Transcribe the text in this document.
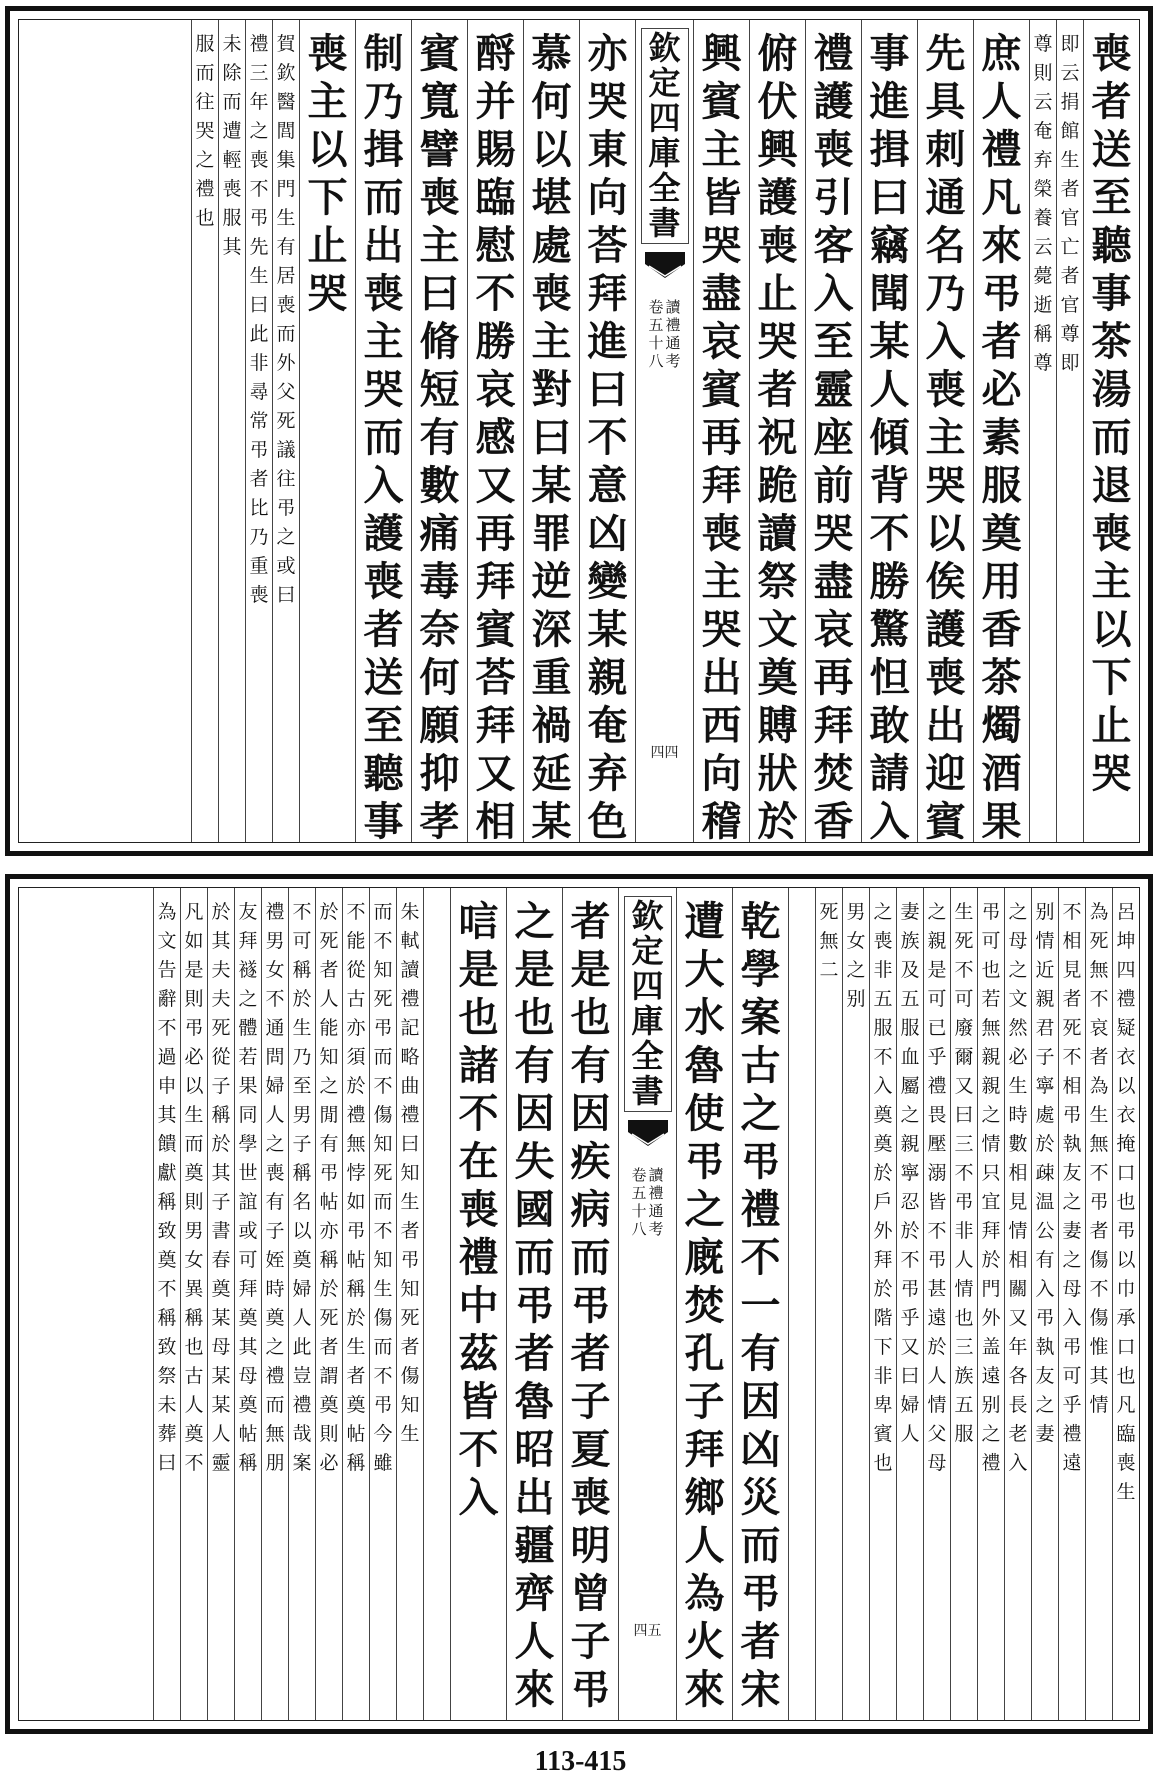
喪
者
送
至
聽
事
茶
湯
而
退
喪
主
以
下
止
哭
即
云
捐
館
生
者
官
亡
者
官
尊
即
尊
則
云
奄
弃
榮
養
云
薨
逝
稱
尊
庶
人
禮
凡
來
弔
者
必
素
服
奠
用
香
茶
燭
酒
果
先
具
刺
通
名
乃
入
喪
主
哭
以
俟
護
喪
出
迎
賓
事
進
揖
曰
竊
聞
某
人
傾
背
不
勝
驚
怛
敢
請
入
禮
護
喪
引
客
入
至
靈
座
前
哭
盡
哀
再
拜
焚
香
俯
伏
興
護
喪
止
哭
者
祝
跪
讀
祭
文
奠
賻
狀
於
興
賓
主
皆
哭
盡
哀
賓
再
拜
喪
主
哭
出
西
向
稽
欽
定
四
庫
全
書
讀
禮
通
考
卷
五
十
八
四四
亦
哭
東
向
荅
拜
進
曰
不
意
凶
變
某
親
奄
弃
色
慕
何
以
堪
處
喪
主
對
曰
某
罪
逆
深
重
禍
延
某
酹
并
賜
臨
慰
不
勝
哀
感
又
再
拜
賓
荅
拜
又
相
賓
寬
譬
喪
主
曰
脩
短
有
數
痛
毒
奈
何
願
抑
孝
制
乃
揖
而
出
喪
主
哭
而
入
護
喪
者
送
至
聽
事
喪
主
以
下
止
哭
賀
欽
醫
閭
集
門
生
有
居
喪
而
外
父
死
議
往
弔
之
或
曰
禮
三
年
之
喪
不
弔
先
生
曰
此
非
尋
常
弔
者
比
乃
重
喪
未
除
而
遭
輕
喪
服
其
服
而
往
哭
之
禮
也
呂
坤
四
禮
疑
衣
以
衣
掩
口
也
弔
以
巾
承
口
也
凡
臨
喪
生
為
死
無
不
哀
者
為
生
無
不
弔
者
傷
不
傷
惟
其
情
不
相
見
者
死
不
相
弔
執
友
之
妻
之
母
入
弔
可
乎
禮
遠
别
情
近
親
君
子
寧
處
於
疎
温
公
有
入
弔
執
友
之
妻
之
母
之
文
然
必
生
時
數
相
見
情
相
關
又
年
各
長
老
入
弔
可
也
若
無
親
親
之
情
只
宜
拜
於
門
外
盖
遠
别
之
禮
生
死
不
可
廢
爾
又
曰
三
不
弔
非
人
情
也
三
族
五
服
之
親
是
可
已
乎
禮
畏
壓
溺
皆
不
弔
甚
遠
於
人
情
父
母
妻
族
及
五
服
血
屬
之
親
寧
忍
於
不
弔
乎
又
曰
婦
人
之
喪
非
五
服
不
入
奠
奠
於
戶
外
拜
於
階
下
非
卑
賓
也
男
女
之
别
死
無
二
乾
學
案
古
之
弔
禮
不
一
有
因
凶
災
而
弔
者
宋
遭
大
水
魯
使
弔
之
廐
焚
孔
子
拜
鄉
人
為
火
來
欽
定
四
庫
全
書
讀
禮
通
考
卷
五
十
八
四五
者
是
也
有
因
疾
病
而
弔
者
子
夏
喪
明
曾
子
弔
之
是
也
有
因
失
國
而
弔
者
魯
昭
出
疆
齊
人
來
唁
是
也
諸
不
在
喪
禮
中
茲
皆
不
入
朱
軾
讀
禮
記
略
曲
禮
曰
知
生
者
弔
知
死
者
傷
知
生
而
不
知
死
弔
而
不
傷
知
死
而
不
知
生
傷
而
不
弔
今
雖
不
能
從
古
亦
須
於
禮
無
悖
如
弔
帖
稱
於
生
者
奠
帖
稱
於
死
者
人
能
知
之
閒
有
弔
帖
亦
稱
於
死
者
謂
奠
則
必
不
可
稱
於
生
乃
至
男
子
稱
名
以
奠
婦
人
此
豈
禮
哉
案
禮
男
女
不
通
問
婦
人
之
喪
有
子
姪
時
奠
之
禮
而
無
朋
友
拜
襚
之
體
若
果
同
學
世
誼
或
可
拜
奠
其
母
奠
帖
稱
於
其
夫
夫
死
從
子
稱
於
其
子
書
春
奠
某
母
某
某
人
靈
凡
如
是
則
弔
必
以
生
而
奠
則
男
女
異
稱
也
古
人
奠
不
為
文
告
辭
不
過
申
其
饋
獻
稱
致
奠
不
稱
致
祭
未
葬
曰
113-415
